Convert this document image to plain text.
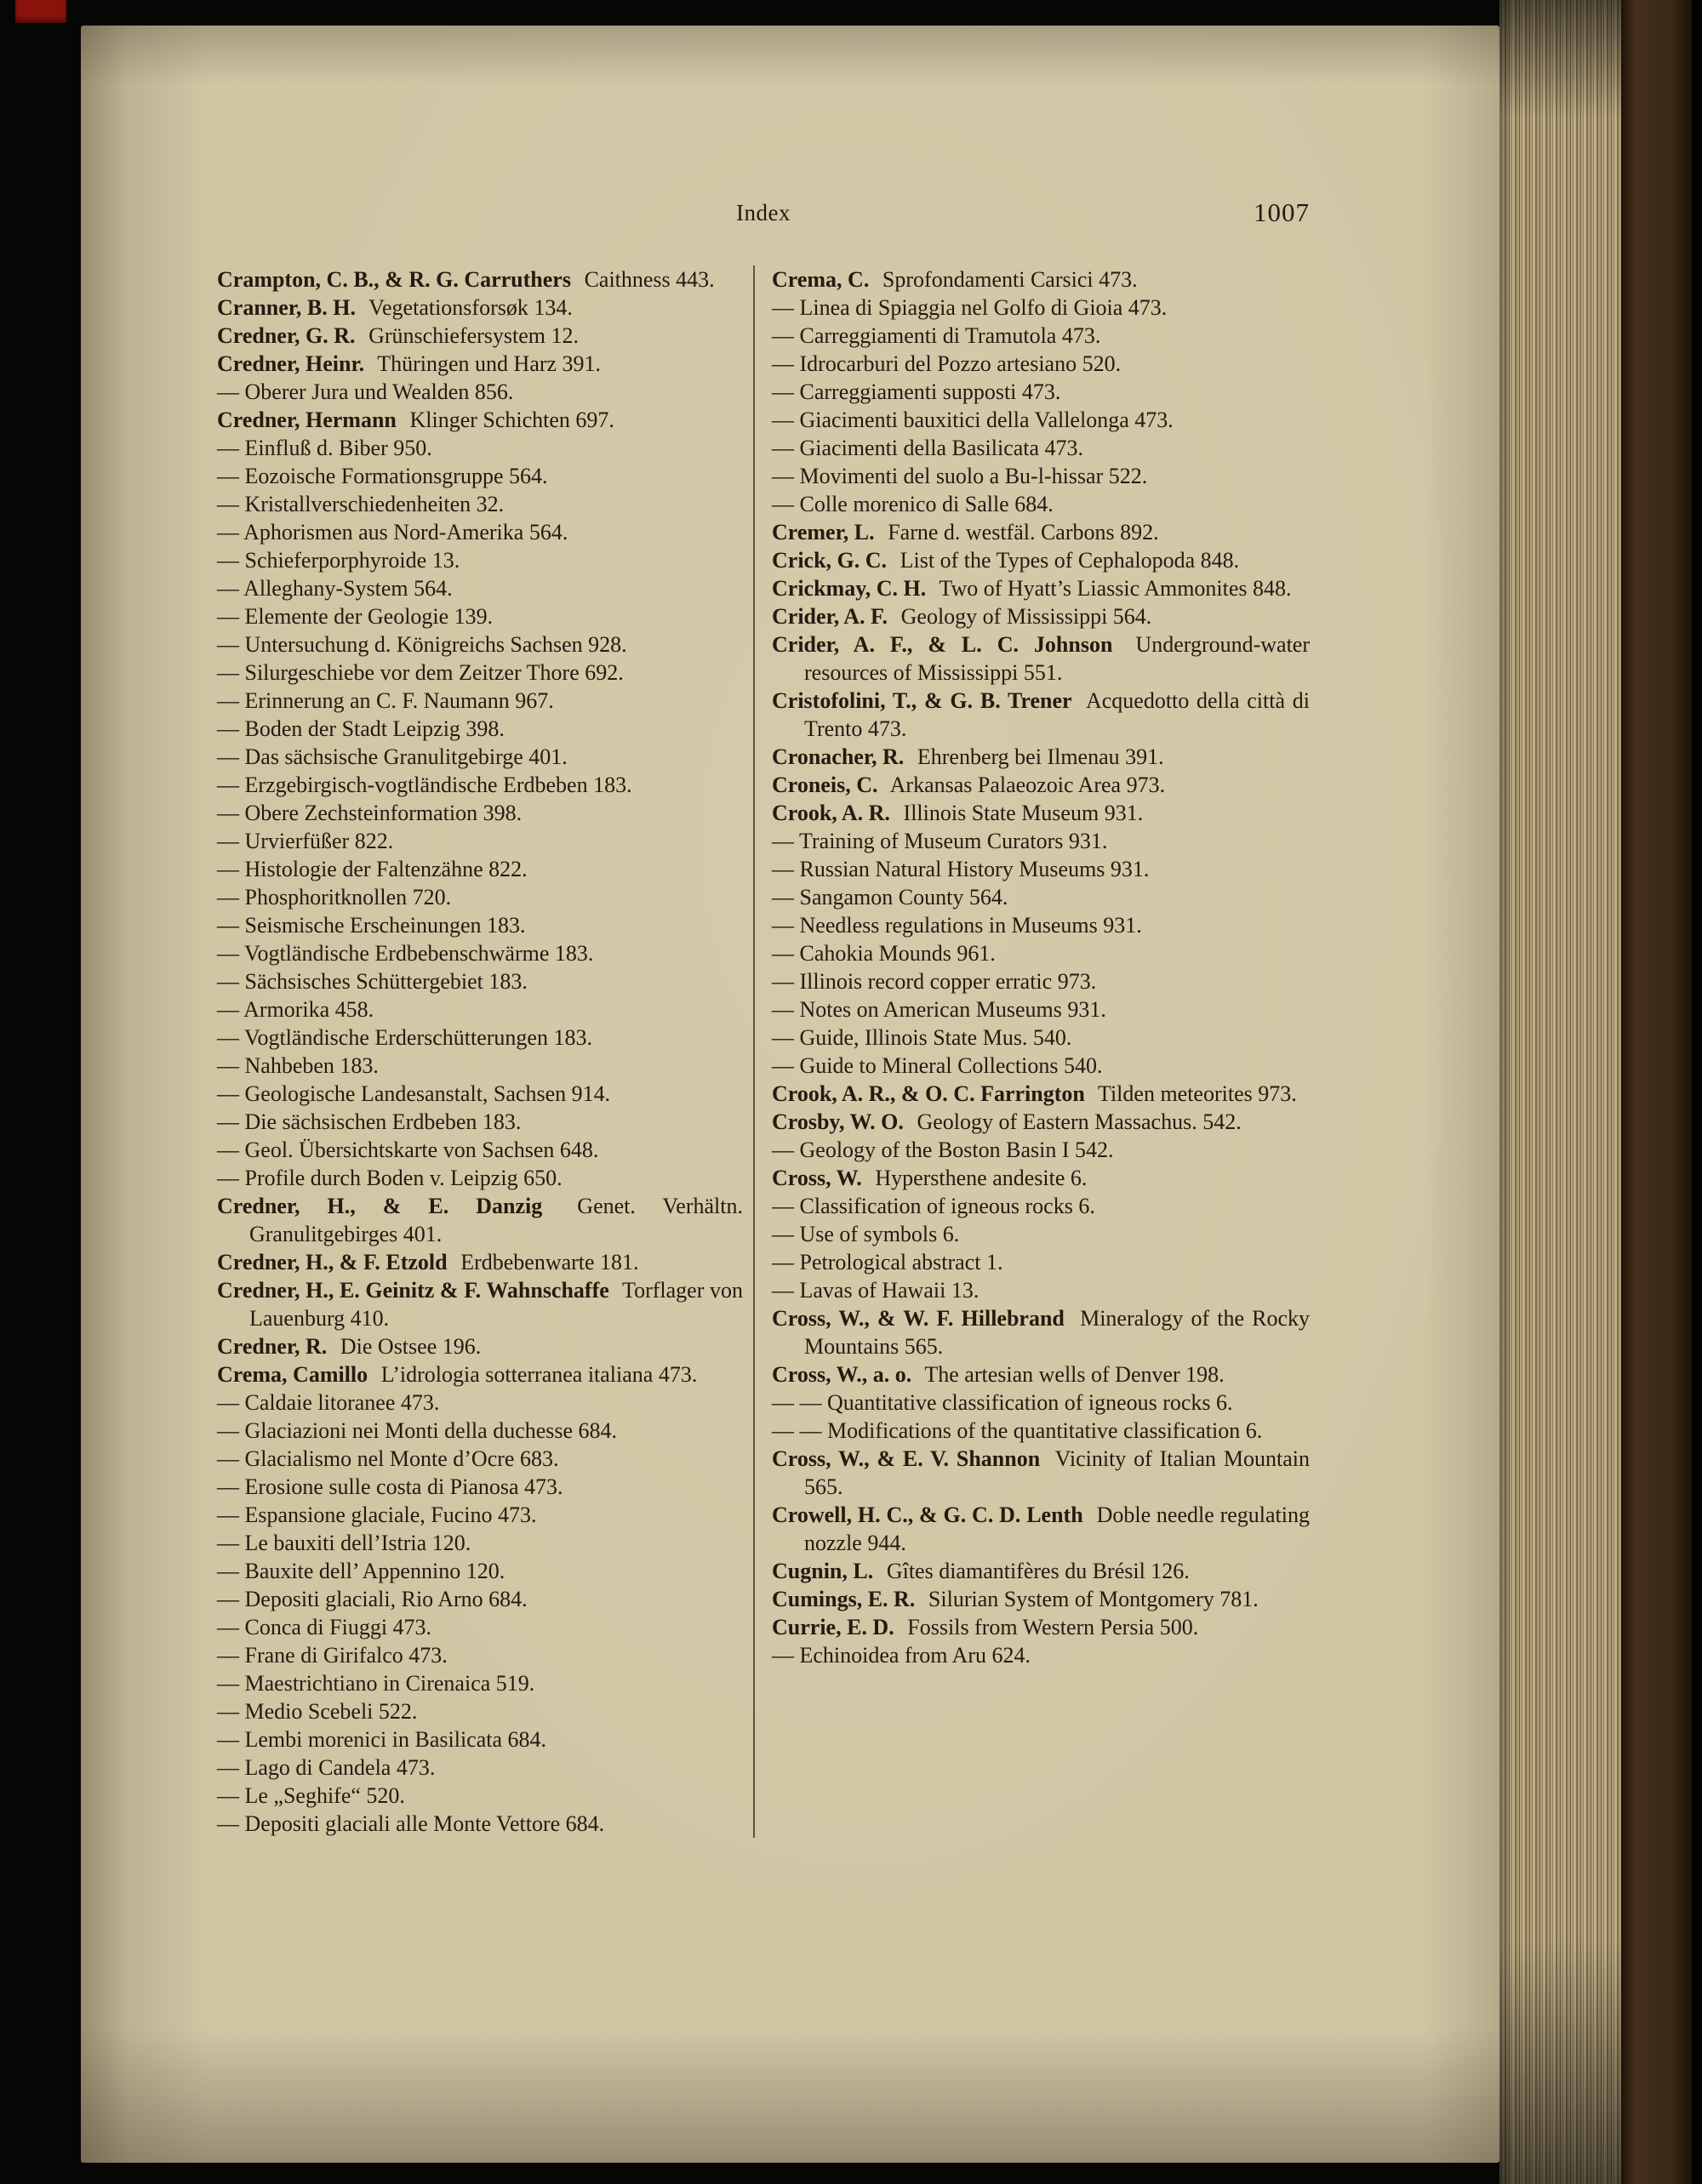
Index	1007

Crampton, C. B., & R. G. Carruthers Caithness 443.

Cranner, B. H. Vegetationsforsøk 134.

Credner, G. R. Grünschiefersystem 12.

Credner, Heinr. Thüringen und Harz 391.

— Oberer Jura und Wealden 856.

Credner, Hermann Klinger Schichten 697.

— Einfluß d. Biber 950.

— Eozoische Formationsgruppe 564.

— Kristallverschiedenheiten 32.

— Aphorismen aus Nord-Amerika 564.

— Schieferporphyroide 13.

— Alleghany-System 564.

— Elemente der Geologie 139.

— Untersuchung d. Königreichs Sachsen 928.

— Silurgeschiebe vor dem Zeitzer Thore 692.

— Erinnerung an C. F. Naumann 967.

— Boden der Stadt Leipzig 398.

— Das sächsische Granulitgebirge 401.

— Erzgebirgisch-vogtländische Erdbeben 183.

— Obere Zechsteinformation 398.

— Urvierfüßer 822.

— Histologie der Faltenzähne 822.

— Phosphoritknollen 720.

— Seismische Erscheinungen 183.

— Vogtländische Erdbebenschwärme 183.

— Sächsisches Schüttergebiet 183.

— Armorika 458.

— Vogtländische Erderschütterungen 183.

— Nahbeben 183.

— Geologische Landesanstalt, Sachsen 914.

— Die sächsischen Erdbeben 183.

— Geol. Übersichtskarte von Sachsen 648.

— Profile durch Boden v. Leipzig 650.

Credner, H., & E. Danzig Genet. Verhältn. Granulitgebirges 401.

Credner, H., & F. Etzold Erdbebenwarte 181.

Credner, H., E. Geinitz & F. Wahnschaffe Torflager von Lauenburg 410.

Credner, R. Die Ostsee 196.

Crema, Camillo L’idrologia sotterranea italiana 473.

— Caldaie litoranee 473.

— Glaciazioni nei Monti della duchesse 684.

— Glacialismo nel Monte d’Ocre 683.

— Erosione sulle costa di Pianosa 473.

— Espansione glaciale, Fucino 473.

— Le bauxiti dell’Istria 120.

— Bauxite dell’ Appennino 120.

— Depositi glaciali, Rio Arno 684.

— Conca di Fiuggi 473.

— Frane di Girifalco 473.

— Maestrichtiano in Cirenaica 519.

— Medio Scebeli 522.

— Lembi morenici in Basilicata 684.

— Lago di Candela 473.

— Le „Seghife“ 520.

— Depositi glaciali alle Monte Vettore 684.

Crema, C. Sprofondamenti Carsici 473.

— Linea di Spiaggia nel Golfo di Gioia 473.

— Carreggiamenti di Tramutola 473.

— Idrocarburi del Pozzo artesiano 520.

— Carreggiamenti supposti 473.

— Giacimenti bauxitici della Vallelonga 473.

— Giacimenti della Basilicata 473.

— Movimenti del suolo a Bu-l-hissar 522.

— Colle morenico di Salle 684.

Cremer, L. Farne d. westfäl. Carbons 892.

Crick, G. C. List of the Types of Cephalopoda 848.

Crickmay, C. H. Two of Hyatt’s Liassic Ammonites 848.

Crider, A. F. Geology of Mississippi 564.

Crider, A. F., & L. C. Johnson Underground-water resources of Mississippi 551.

Cristofolini, T., & G. B. Trener Acquedotto della città di Trento 473.

Cronacher, R. Ehrenberg bei Ilmenau 391.

Croneis, C. Arkansas Palaeozoic Area 973.

Crook, A. R. Illinois State Museum 931.

— Training of Museum Curators 931.

— Russian Natural History Museums 931.

— Sangamon County 564.

— Needless regulations in Museums 931.

— Cahokia Mounds 961.

— Illinois record copper erratic 973.

— Notes on American Museums 931.

— Guide, Illinois State Mus. 540.

— Guide to Mineral Collections 540.

Crook, A. R., & O. C. Farrington Tilden meteorites 973.

Crosby, W. O. Geology of Eastern Massachus. 542.

— Geology of the Boston Basin I 542.

Cross, W. Hypersthene andesite 6.

— Classification of igneous rocks 6.

— Use of symbols 6.

— Petrological abstract 1.

— Lavas of Hawaii 13.

Cross, W., & W. F. Hillebrand Mineralogy of the Rocky Mountains 565.

Cross, W., a. o. The artesian wells of Denver 198.

— — Quantitative classification of igneous rocks 6.

— — Modifications of the quantitative classification 6.

Cross, W., & E. V. Shannon Vicinity of Italian Mountain 565.

Crowell, H. C., & G. C. D. Lenth Doble needle regulating nozzle 944.

Cugnin, L. Gîtes diamantifères du Brésil 126.

Cumings, E. R. Silurian System of Montgomery 781.

Currie, E. D. Fossils from Western Persia 500.

— Echinoidea from Aru 624.
